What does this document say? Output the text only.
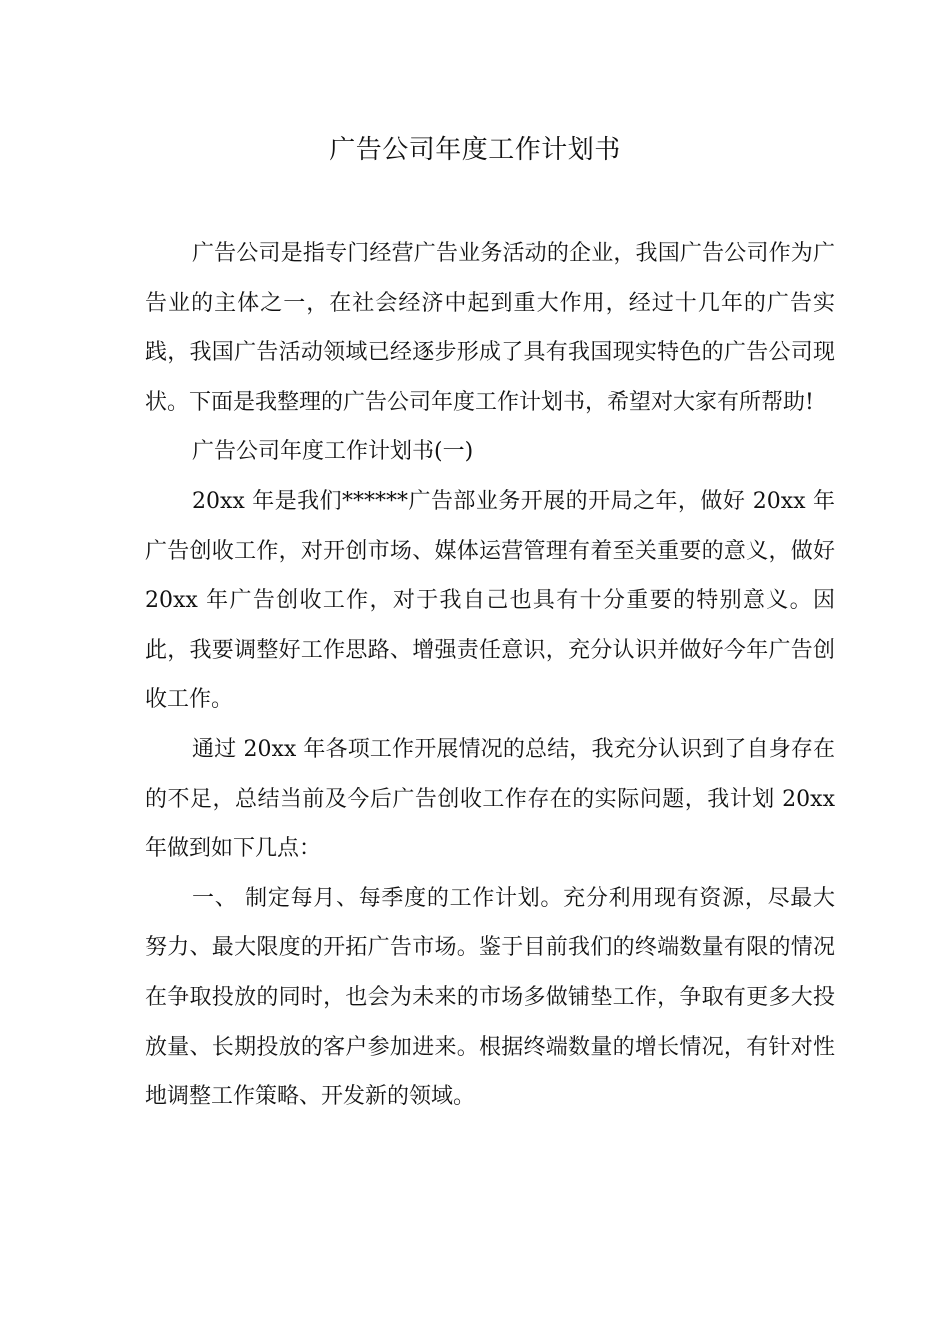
广告公司年度工作计划书

广告公司是指专门经营广告业务活动的企业，我国广告公司作为广告业的主体之一，在社会经济中起到重大作用，经过十几年的广告实践，我国广告活动领域已经逐步形成了具有我国现实特色的广告公司现状。下面是我整理的广告公司年度工作计划书，希望对大家有所帮助!

广告公司年度工作计划书(一)

20xx 年是我们******广告部业务开展的开局之年，做好 20xx 年广告创收工作，对开创市场、媒体运营管理有着至关重要的意义，做好 20xx 年广告创收工作，对于我自己也具有十分重要的特别意义。因此，我要调整好工作思路、增强责任意识，充分认识并做好今年广告创收工作。

通过 20xx 年各项工作开展情况的总结，我充分认识到了自身存在的不足，总结当前及今后广告创收工作存在的实际问题，我计划 20xx 年做到如下几点：

一、 制定每月、每季度的工作计划。充分利用现有资源，尽最大努力、最大限度的开拓广告市场。鉴于目前我们的终端数量有限的情况在争取投放的同时，也会为未来的市场多做铺垫工作，争取有更多大投放量、长期投放的客户参加进来。根据终端数量的增长情况，有针对性地调整工作策略、开发新的领域。
